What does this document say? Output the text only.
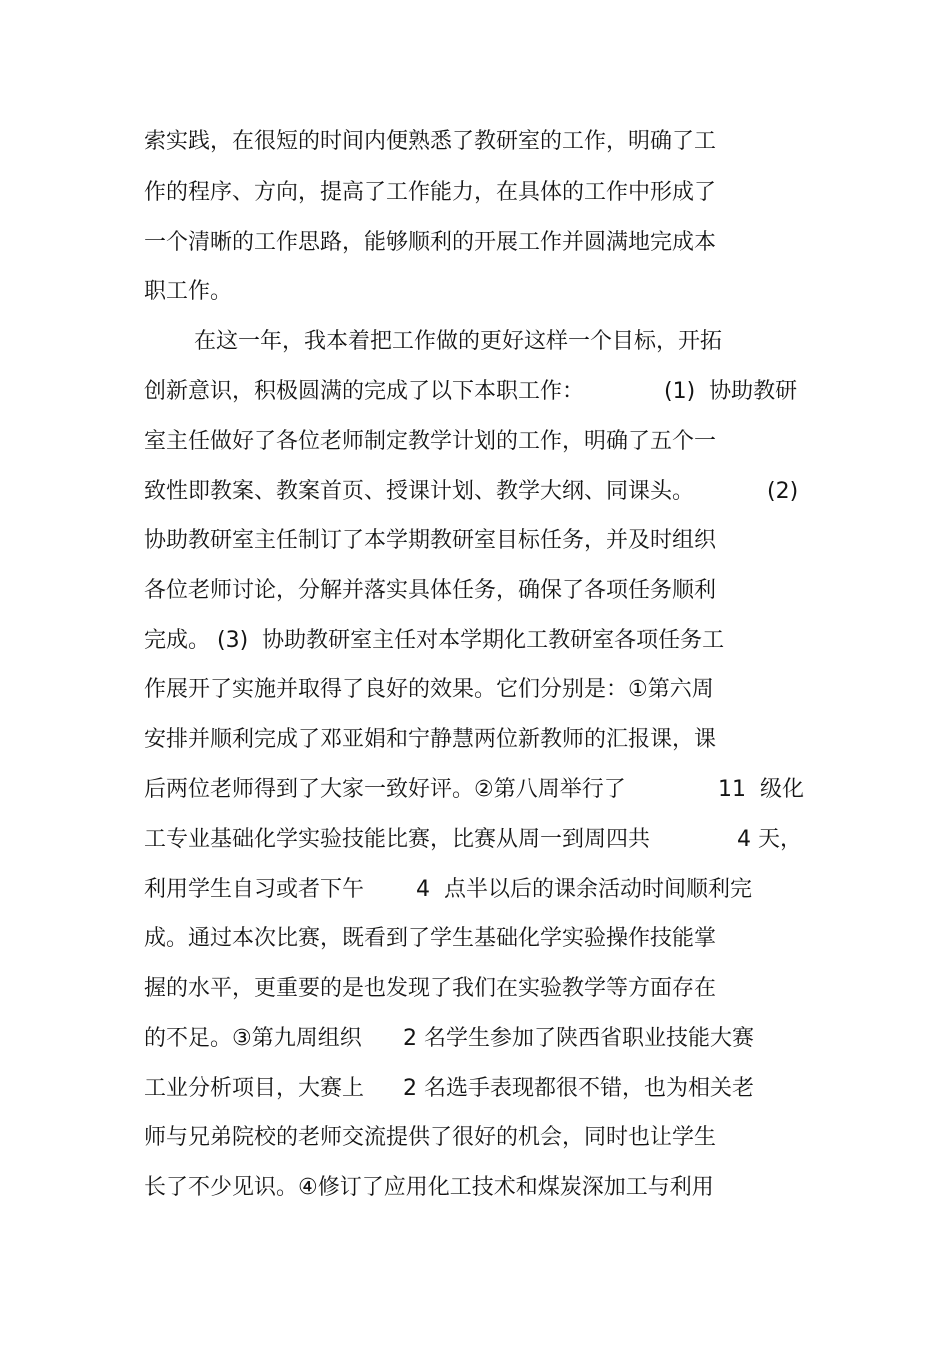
索实践，在很短的时间内便熟悉了教研室的工作，明确了工
作的程序、方向，提高了工作能力，在具体的工作中形成了
一个清晰的工作思路，能够顺利的开展工作并圆满地完成本
职工作。
在这一年，我本着把工作做的更好这样一个目标，开拓
创新意识，积极圆满的完成了以下本职工作：	(1)  协助教研
室主任做好了各位老师制定教学计划的工作，明确了五个一
致性即教案、教案首页、授课计划、教学大纲、同课头。	(2)
协助教研室主任制订了本学期教研室目标任务，并及时组织
各位老师讨论，分解并落实具体任务，确保了各项任务顺利
完成。 (3)  协助教研室主任对本学期化工教研室各项任务工
作展开了实施并取得了良好的效果。它们分别是：①第六周
安排并顺利完成了邓亚娟和宁静慧两位新教师的汇报课，课
后两位老师得到了大家一致好评。②第八周举行了	11  级化
工专业基础化学实验技能比赛，比赛从周一到周四共	4 天，
利用学生自习或者下午 4  点半以后的课余活动时间顺利完
成。通过本次比赛，既看到了学生基础化学实验操作技能掌
握的水平，更重要的是也发现了我们在实验教学等方面存在
的不足。③第九周组织 2 名学生参加了陕西省职业技能大赛
工业分析项目，大赛上 2 名选手表现都很不错，也为相关老
师与兄弟院校的老师交流提供了很好的机会，同时也让学生
长了不少见识。④修订了应用化工技术和煤炭深加工与利用
